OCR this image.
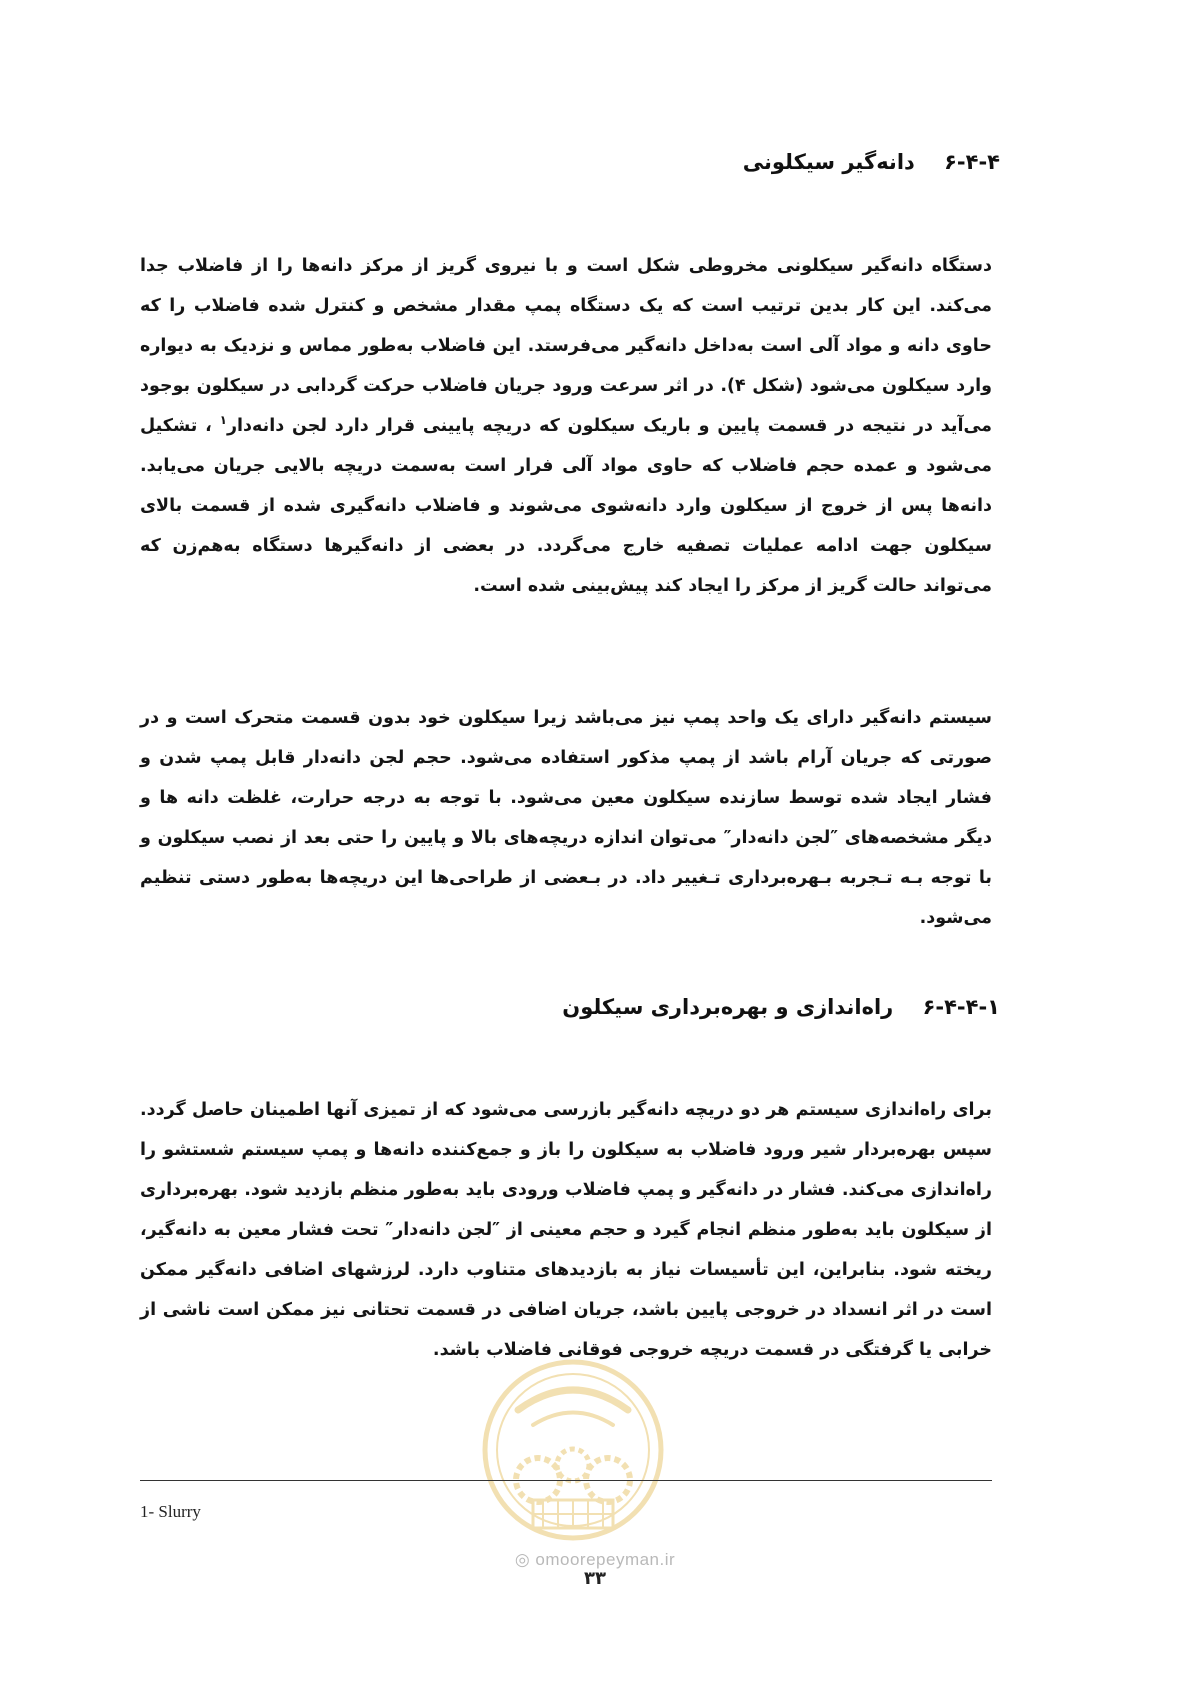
۶-۴-۴ دانه‌گیر سیکلونی

دستگاه دانه‌گیر سیکلونی مخروطی شکل است و با نیروی گریز از مرکز دانه‌ها را از فاضلاب جدا می‌کند. این کار بدین ترتیب است که یک دستگاه پمپ مقدار مشخص و کنترل شده فاضلاب را که حاوی دانه و مواد آلی است به‌داخل دانه‌گیر می‌فرستد. این فاضلاب به‌طور مماس و نزدیک به دیواره وارد سیکلون می‌شود (شکل ۴). در اثر سرعت ورود جریان فاضلاب حرکت گردابی در سیکلون بوجود می‌آید در نتیجه در قسمت پایین و باریک سیکلون که دریچه پایینی قرار دارد لجن دانه‌دار$^۱$ ، تشکیل می‌شود و عمده حجم فاضلاب که حاوی مواد آلی فرار است به‌سمت دریچه بالایی جریان می‌یابد. دانه‌ها پس از خروج از سیکلون وارد دانه‌شوی می‌شوند و فاضلاب دانه‌گیری شده از قسمت بالای سیکلون جهت ادامه عملیات تصفیه خارج می‌گردد. در بعضی از دانه‌گیرها دستگاه به‌هم‌زن که می‌تواند حالت گریز از مرکز را ایجاد کند پیش‌بینی شده است.

سیستم دانه‌گیر دارای یک واحد پمپ نیز می‌باشد زیرا سیکلون خود بدون قسمت متحرک است و در صورتی که جریان آرام باشد از پمپ مذکور استفاده می‌شود. حجم لجن دانه‌دار قابل پمپ شدن و فشار ایجاد شده توسط سازنده سیکلون معین می‌شود. با توجه به درجه حرارت، غلظت دانه ها و دیگر مشخصه‌های ″لجن دانه‌دار″ می‌توان اندازه دریچه‌های بالا و پایین را حتی بعد از نصب سیکلون و با توجه بـه تـجربه بـهره‌برداری تـغییر داد. در بـعضی از طراحی‌ها این دریچه‌ها به‌طور دستی تنظیم می‌شود.

۶-۴-۴-۱ راه‌اندازی و بهره‌برداری سیکلون

برای راه‌اندازی سیستم هر دو دریچه دانه‌گیر بازرسی می‌شود که از تمیزی آنها اطمینان حاصل گردد. سپس بهره‌بردار شیر ورود فاضلاب به سیکلون را باز و جمع‌کننده دانه‌ها و پمپ سیستم شستشو را راه‌اندازی می‌کند. فشار در دانه‌گیر و پمپ فاضلاب ورودی باید به‌طور منظم بازدید شود. بهره‌برداری از سیکلون باید به‌طور منظم انجام گیرد و حجم معینی از ″لجن دانه‌دار″ تحت فشار معین به دانه‌گیر، ریخته شود. بنابراین، این تأسیسات نیاز به بازدیدهای متناوب دارد. لرزشهای اضافی دانه‌گیر ممکن است در اثر انسداد در خروجی پایین باشد، جریان اضافی در قسمت تحتانی نیز ممکن است ناشی از خرابی یا گرفتگی در قسمت دریچه خروجی فوقانی فاضلاب باشد.

1- Slurry
◎ omoorepeyman.ir
۳۳
